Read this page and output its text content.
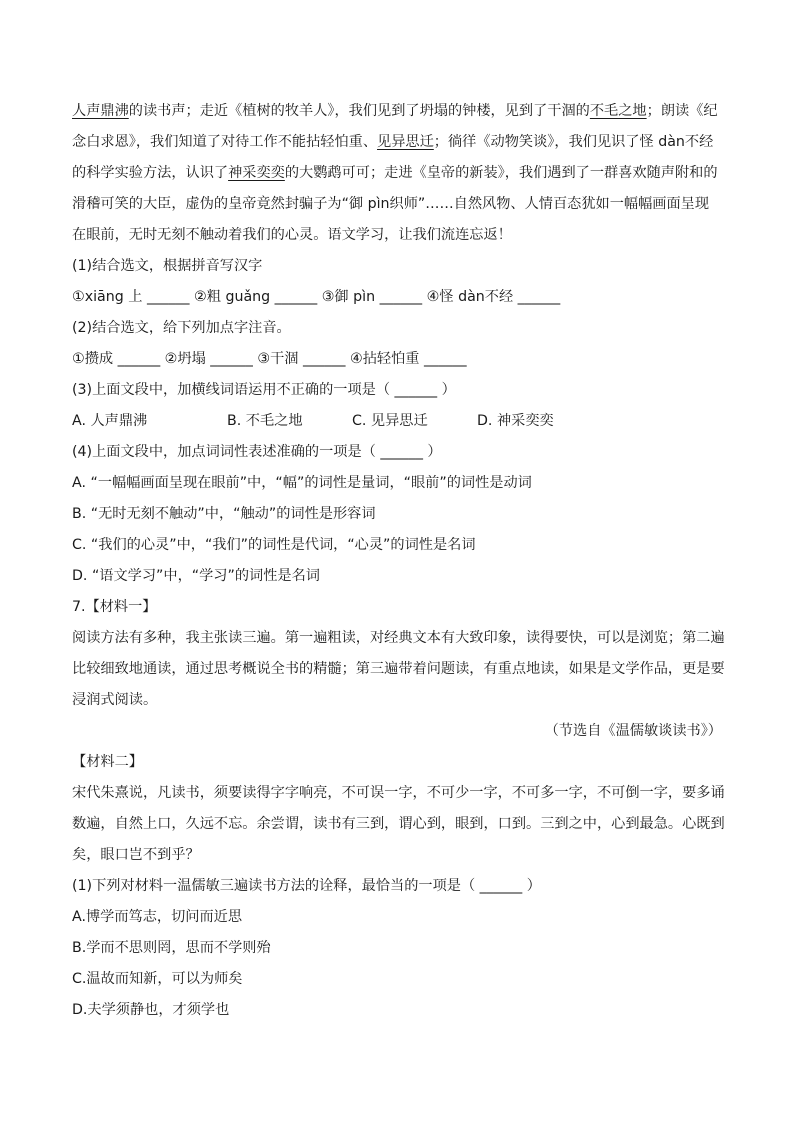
人声鼎沸的读书声；走近《植树的牧羊人》，我们见到了坍塌的钟楼，见到了干涸的不毛之地；朗读《纪
念白求恩》，我们知道了对待工作不能拈轻怕重、见异思迁；徜徉《动物笑谈》，我们见识了怪 dàn不经
的科学实验方法，认识了神采奕奕的大鹦鹉可可；走进《皇帝的新装》，我们遇到了一群喜欢随声附和的
滑稽可笑的大臣，虚伪的皇帝竟然封骗子为“御 pìn织师”……自然风物、人情百态犹如一幅幅画面呈现
在眼前，无时无刻不触动着我们的心灵。语文学习，让我们流连忘返！
(1)结合选文，根据拼音写汉字
①xiāng 上 ______ ②粗 guǎng ______ ③御 pìn ______ ④怪 dàn不经 ______
(2)结合选文，给下列加点字注音。
①攒成 ______ ②坍塌 ______ ③干涸 ______ ④拈轻怕重 ______
(3)上面文段中，加横线词语运用不正确的一项是（ ______ ）
A. 人声鼎沸	B. 不毛之地	C. 见异思迁	D. 神采奕奕
(4)上面文段中，加点词词性表述准确的一项是（ ______ ）
A. “一幅幅画面呈现在眼前”中，“幅”的词性是量词，“眼前”的词性是动词
B. “无时无刻不触动”中，“触动”的词性是形容词
C. “我们的心灵”中，“我们”的词性是代词，“心灵”的词性是名词
D. “语文学习”中，“学习”的词性是名词
7.【材料一】
阅读方法有多种，我主张读三遍。第一遍粗读，对经典文本有大致印象，读得要快，可以是浏览；第二遍
比较细致地通读，通过思考概说全书的精髓；第三遍带着问题读，有重点地读，如果是文学作品，更是要
浸润式阅读。
（节选自《温儒敏谈读书》）
【材料二】
宋代朱熹说，凡读书，须要读得字字响亮，不可误一字，不可少一字，不可多一字，不可倒一字，要多诵
数遍，自然上口，久远不忘。余尝谓，读书有三到，谓心到，眼到，口到。三到之中，心到最急。心既到
矣，眼口岂不到乎？
(1)下列对材料一温儒敏三遍读书方法的诠释，最恰当的一项是（ ______ ）
A.博学而笃志，切问而近思
B.学而不思则罔，思而不学则殆
C.温故而知新，可以为师矣
D.夫学须静也，才须学也
